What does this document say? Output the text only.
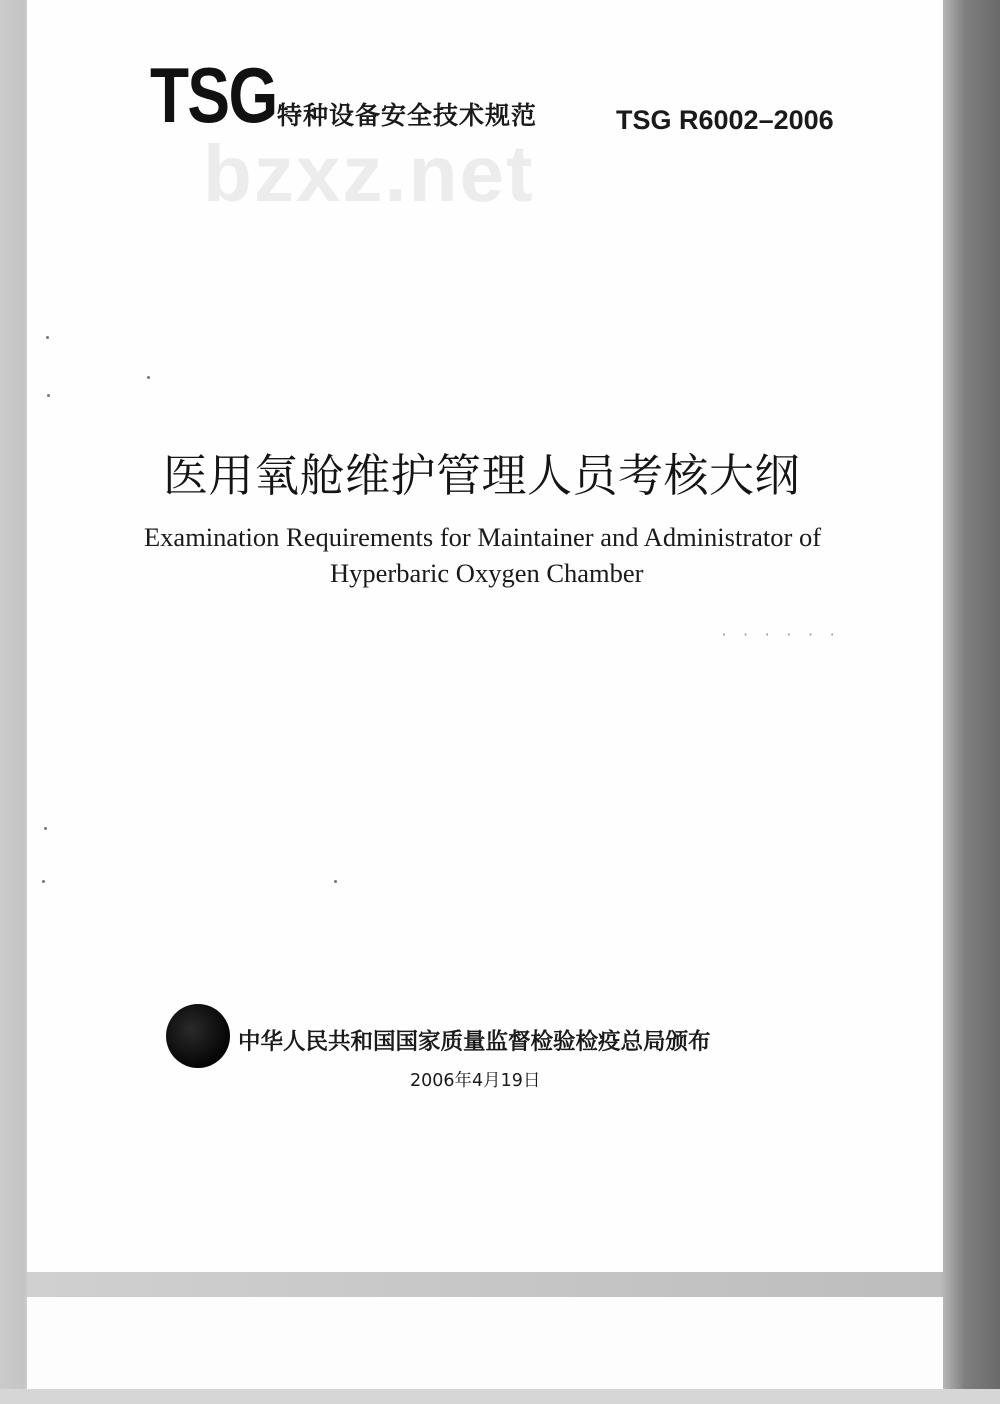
TSG 特种设备安全技术规范	TSG R6002–2006
bzxz.net
医用氧舱维护管理人员考核大纲
Examination Requirements for Maintainer and Administrator of
Hyperbaric Oxygen Chamber
· · · · · ·
中华人民共和国国家质量监督检验检疫总局颁布
2006年4月19日
